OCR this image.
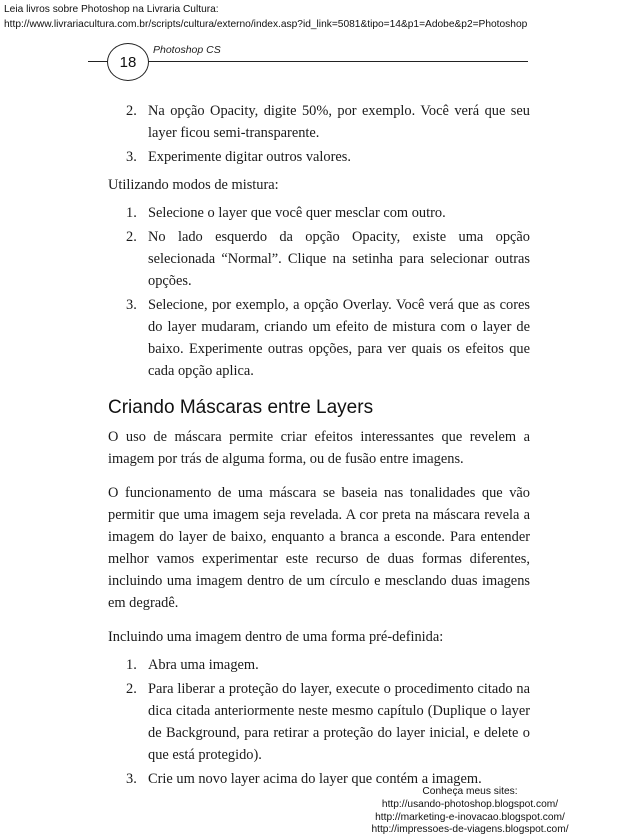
Leia livros sobre Photoshop na Livraria Cultura:
http://www.livrariacultura.com.br/scripts/cultura/externo/index.asp?id_link=5081&tipo=14&p1=Adobe&p2=Photoshop
18
Photoshop CS
2. Na opção Opacity, digite 50%, por exemplo. Você verá que seu layer ficou semi-transparente.
3. Experimente digitar outros valores.

Utilizando modos de mistura:

1. Selecione o layer que você quer mesclar com outro.
2. No lado esquerdo da opção Opacity, existe uma opção selecionada “Normal”. Clique na setinha para selecionar outras opções.
3. Selecione, por exemplo, a opção Overlay. Você verá que as cores do layer mudaram, criando um efeito de mistura com o layer de baixo. Experimente outras opções, para ver quais os efeitos que cada opção aplica.
Criando Máscaras entre Layers

O uso de máscara permite criar efeitos interessantes que revelem a imagem por trás de alguma forma, ou de fusão entre imagens.

O funcionamento de uma máscara se baseia nas tonalidades que vão permitir que uma imagem seja revelada. A cor preta na máscara revela a imagem do layer de baixo, enquanto a branca a esconde. Para entender melhor vamos experimentar este recurso de duas formas diferentes, incluindo uma imagem dentro de um círculo e mesclando duas imagens em degradê.

Incluindo uma imagem dentro de uma forma pré-definida:

1. Abra uma imagem.
2. Para liberar a proteção do layer, execute o procedimento citado na dica citada anteriormente neste mesmo capítulo (Duplique o layer de Background, para retirar a proteção do layer inicial, e delete o que está protegido).
3. Crie um novo layer acima do layer que contém a imagem.
Conheça meus sites:
http://usando-photoshop.blogspot.com/
http://marketing-e-inovacao.blogspot.com/
http://impressoes-de-viagens.blogspot.com/
